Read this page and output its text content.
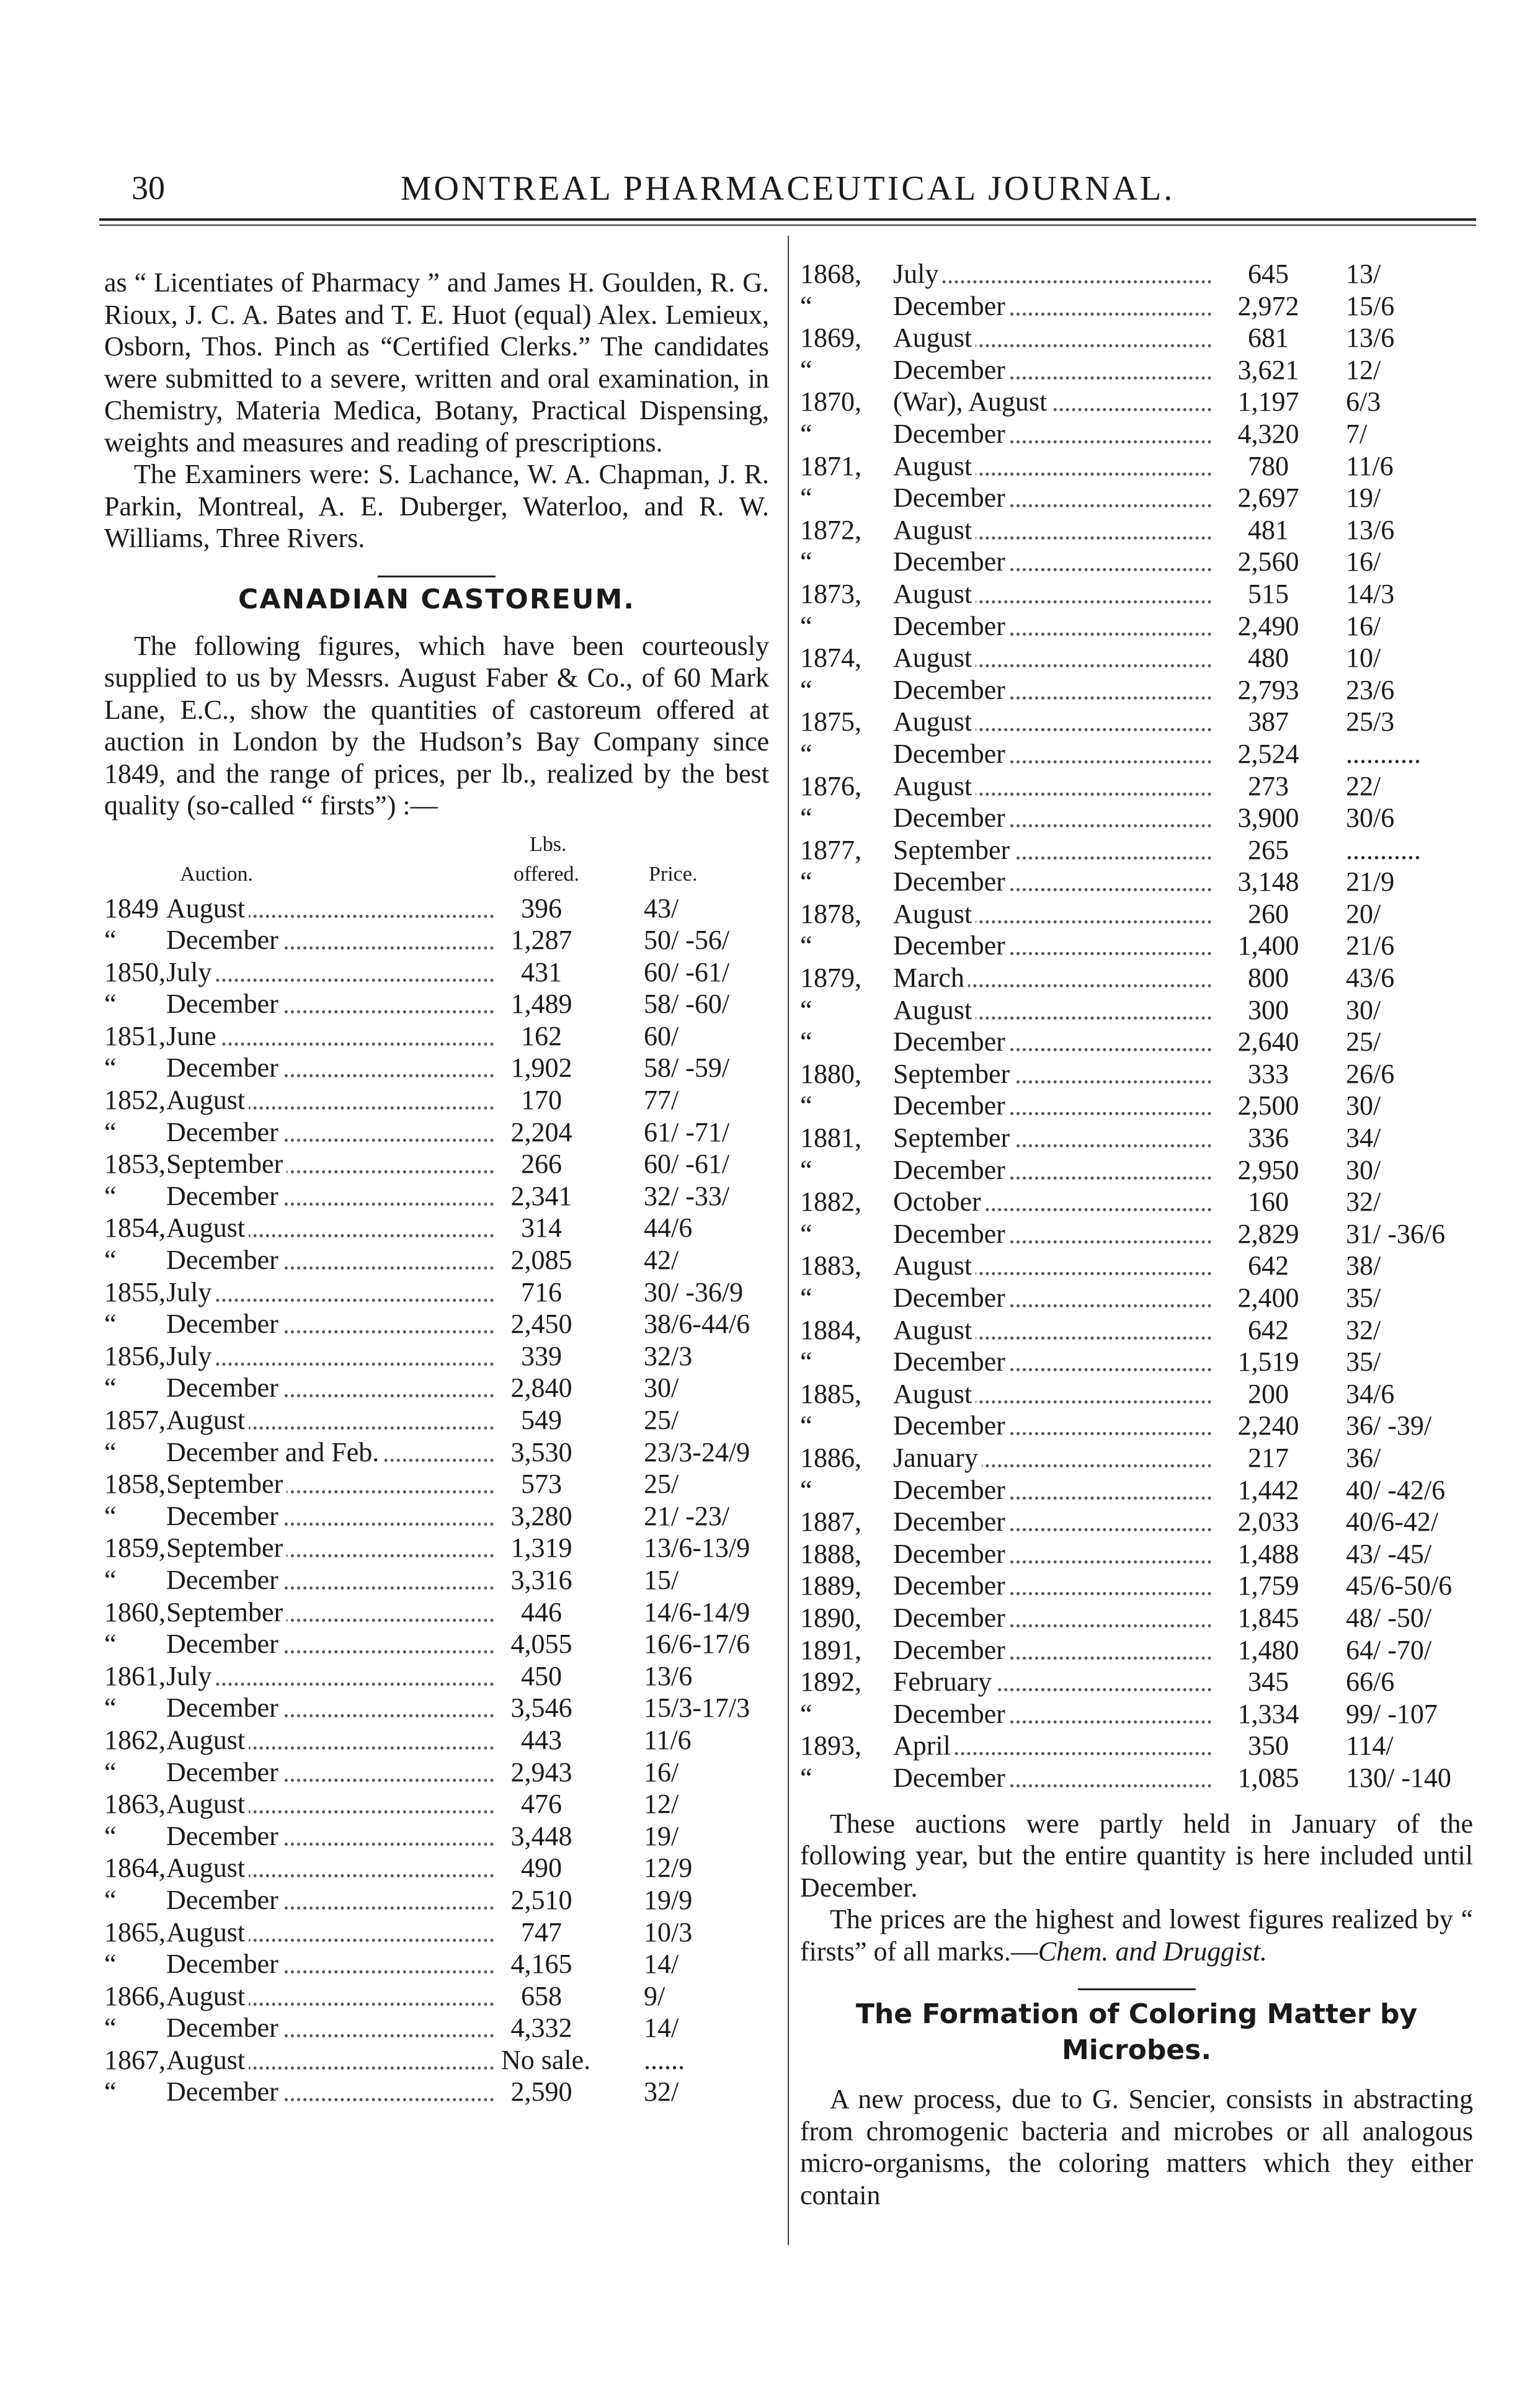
30	MONTREAL PHARMACEUTICAL JOURNAL.

as “ Licentiates of Pharmacy ” and James H. Goulden, R. G. Rioux, J. C. A. Bates and T. E. Huot (equal) Alex. Lemieux, Osborn, Thos. Pinch as “Certified Clerks.” The candidates were submitted to a severe, written and oral examination, in Chemistry, Materia Medica, Botany, Practical Dispensing, weights and measures and reading of prescriptions.

The Examiners were: S. Lachance, W. A. Chapman, J. R. Parkin, Montreal, A. E. Duberger, Waterloo, and R. W. Williams, Three Rivers.

CANADIAN CASTOREUM.

The following figures, which have been courteously supplied to us by Messrs. August Faber & Co., of 60 Mark Lane, E.C., show the quantities of castoreum offered at auction in London by the Hudson’s Bay Company since 1849, and the range of prices, per lb., realized by the best quality (so-called “ firsts”) :—

Auction.
Lbs.
offered.	Price.
1849 August	396	43/
“ December	1,287	50/ -56/
1850, July	431	60/ -61/
“ December	1,489	58/ -60/
1851, June	162	60/
“ December	1,902	58/ -59/
1852, August	170	77/
“ December	2,204	61/ -71/
1853, September	266	60/ -61/
“ December	2,341	32/ -33/
1854, August	314	44/6
“ December	2,085	42/
1855, July	716	30/ -36/9
“ December	2,450	38/6-44/6
1856, July	339	32/3
“ December	2,840	30/
1857, August	549	25/
“ December and Feb.	3,530	23/3-24/9
1858, September	573	25/
“ December	3,280	21/ -23/
1859, September	1,319	13/6-13/9
“ December	3,316	15/
1860, September	446	14/6-14/9
“ December	4,055	16/6-17/6
1861, July	450	13/6
“ December	3,546	15/3-17/3
1862, August	443	11/6
“ December	2,943	16/
1863, August	476	12/
“ December	3,448	19/
1864, August	490	12/9
“ December	2,510	19/9
1865, August	747	10/3
“ December	4,165	14/
1866, August	658	9/
“ December	4,332	14/
1867, August	No sale. ......
“ December	2,590	32/
1868, July	645	13/
“	December	2,972	15/6
1869, August	681	13/6
“	December	3,621	12/
1870, (War), August	1,197	6/3
“	December	4,320	7/
1871, August	780	11/6
“	December	2,697	19/
1872, August	481	13/6
“	December	2,560	16/
1873, August	515	14/3
“	December	2,490	16/
1874, August	480	10/
“	December	2,793	23/6
1875, August	387	25/3
“	December	2,524	...........
1876, August	273	22/
“	December	3,900	30/6
1877, September	265	...........
“	December	3,148	21/9
1878, August	260	20/
“	December	1,400	21/6
1879, March	800	43/6
“	August	300	30/
“	December	2,640	25/
1880, September	333	26/6
“	December	2,500	30/
1881, September	336	34/
“	December	2,950	30/
1882, October	160	32/
“	December	2,829	31/ -36/6
1883, August	642	38/
“	December	2,400	35/
1884, August	642	32/
“	December	1,519	35/
1885, August	200	34/6
“	December	2,240	36/ -39/
1886, January	217	36/
“	December	1,442	40/ -42/6
1887, December	2,033	40/6-42/
1888, December	1,488	43/ -45/
1889, December	1,759	45/6-50/6
1890, December	1,845	48/ -50/
1891, December	1,480	64/ -70/
1892, February	345	66/6
“	December	1,334	99/ -107
1893, April	350	114/
“	December	1,085	130/ -140

These auctions were partly held in January of the following year, but the entire quantity is here included until December.

The prices are the highest and lowest figures realized by “ firsts” of all marks.—Chem. and Druggist.

The Formation of Coloring Matter by Microbes.

A new process, due to G. Sencier, consists in abstracting from chromogenic bacteria and microbes or all analogous micro-organisms, the coloring matters which they either contain
